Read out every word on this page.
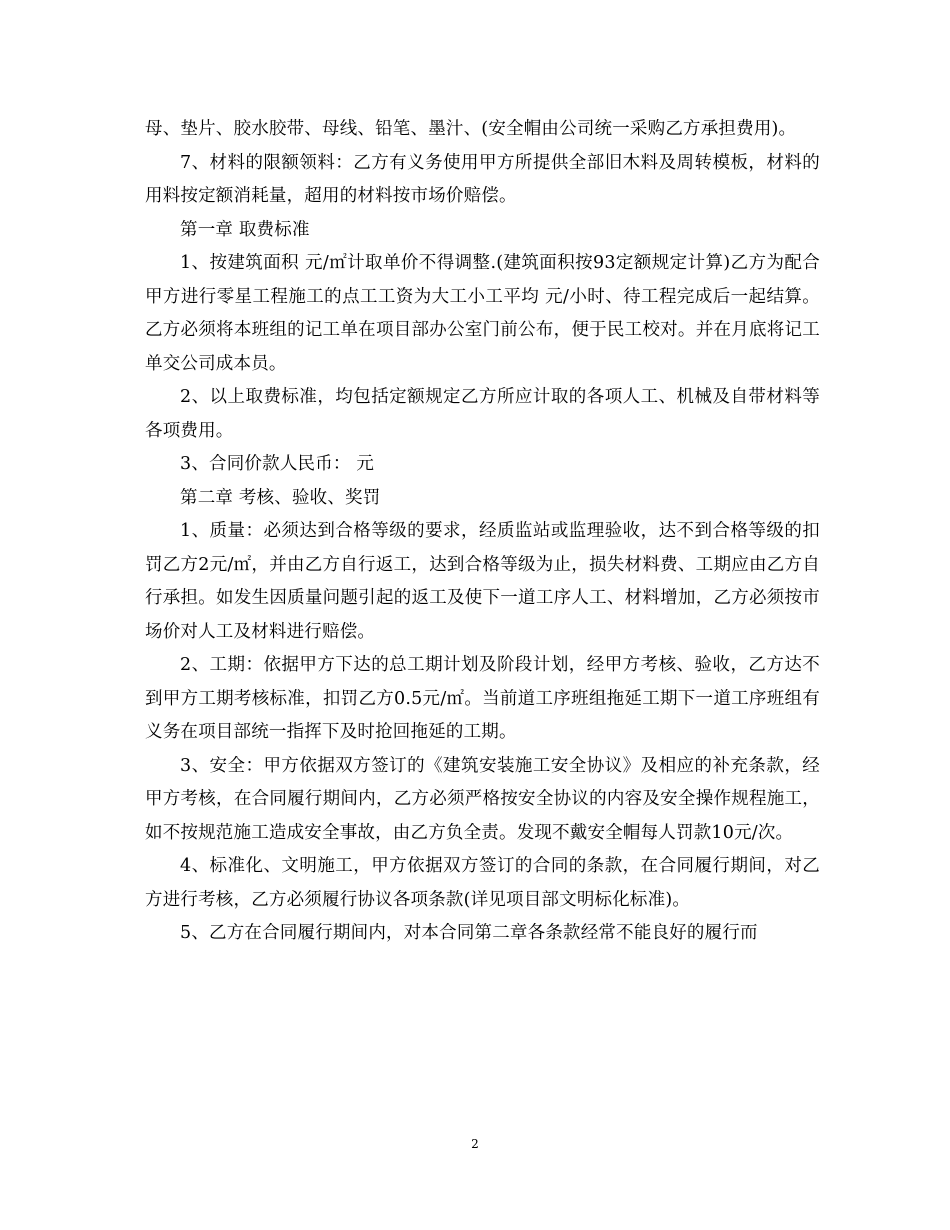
母、垫片、胶水胶带、母线、铅笔、墨汁、(安全帽由公司统一采购乙方承担费用)。

7、材料的限额领料：乙方有义务使用甲方所提供全部旧木料及周转模板，材料的用料按定额消耗量，超用的材料按市场价赔偿。

第一章 取费标准

1、按建筑面积 元/㎡计取单价不得调整.(建筑面积按93定额规定计算)乙方为配合甲方进行零星工程施工的点工工资为大工小工平均 元/小时、待工程完成后一起结算。乙方必须将本班组的记工单在项目部办公室门前公布，便于民工校对。并在月底将记工单交公司成本员。

2、以上取费标准，均包括定额规定乙方所应计取的各项人工、机械及自带材料等各项费用。

3、合同价款人民币： 元

第二章 考核、验收、奖罚

1、质量：必须达到合格等级的要求，经质监站或监理验收，达不到合格等级的扣罚乙方2元/㎡，并由乙方自行返工，达到合格等级为止，损失材料费、工期应由乙方自行承担。如发生因质量问题引起的返工及使下一道工序人工、材料增加，乙方必须按市场价对人工及材料进行赔偿。

2、工期：依据甲方下达的总工期计划及阶段计划，经甲方考核、验收，乙方达不到甲方工期考核标准，扣罚乙方0.5元/㎡。当前道工序班组拖延工期下一道工序班组有义务在项目部统一指挥下及时抢回拖延的工期。

3、安全：甲方依据双方签订的《建筑安装施工安全协议》及相应的补充条款，经甲方考核，在合同履行期间内，乙方必须严格按安全协议的内容及安全操作规程施工，如不按规范施工造成安全事故，由乙方负全责。发现不戴安全帽每人罚款10元/次。

4、标准化、文明施工，甲方依据双方签订的合同的条款，在合同履行期间，对乙方进行考核，乙方必须履行协议各项条款(详见项目部文明标化标准)。

5、乙方在合同履行期间内，对本合同第二章各条款经常不能良好的履行而

2
